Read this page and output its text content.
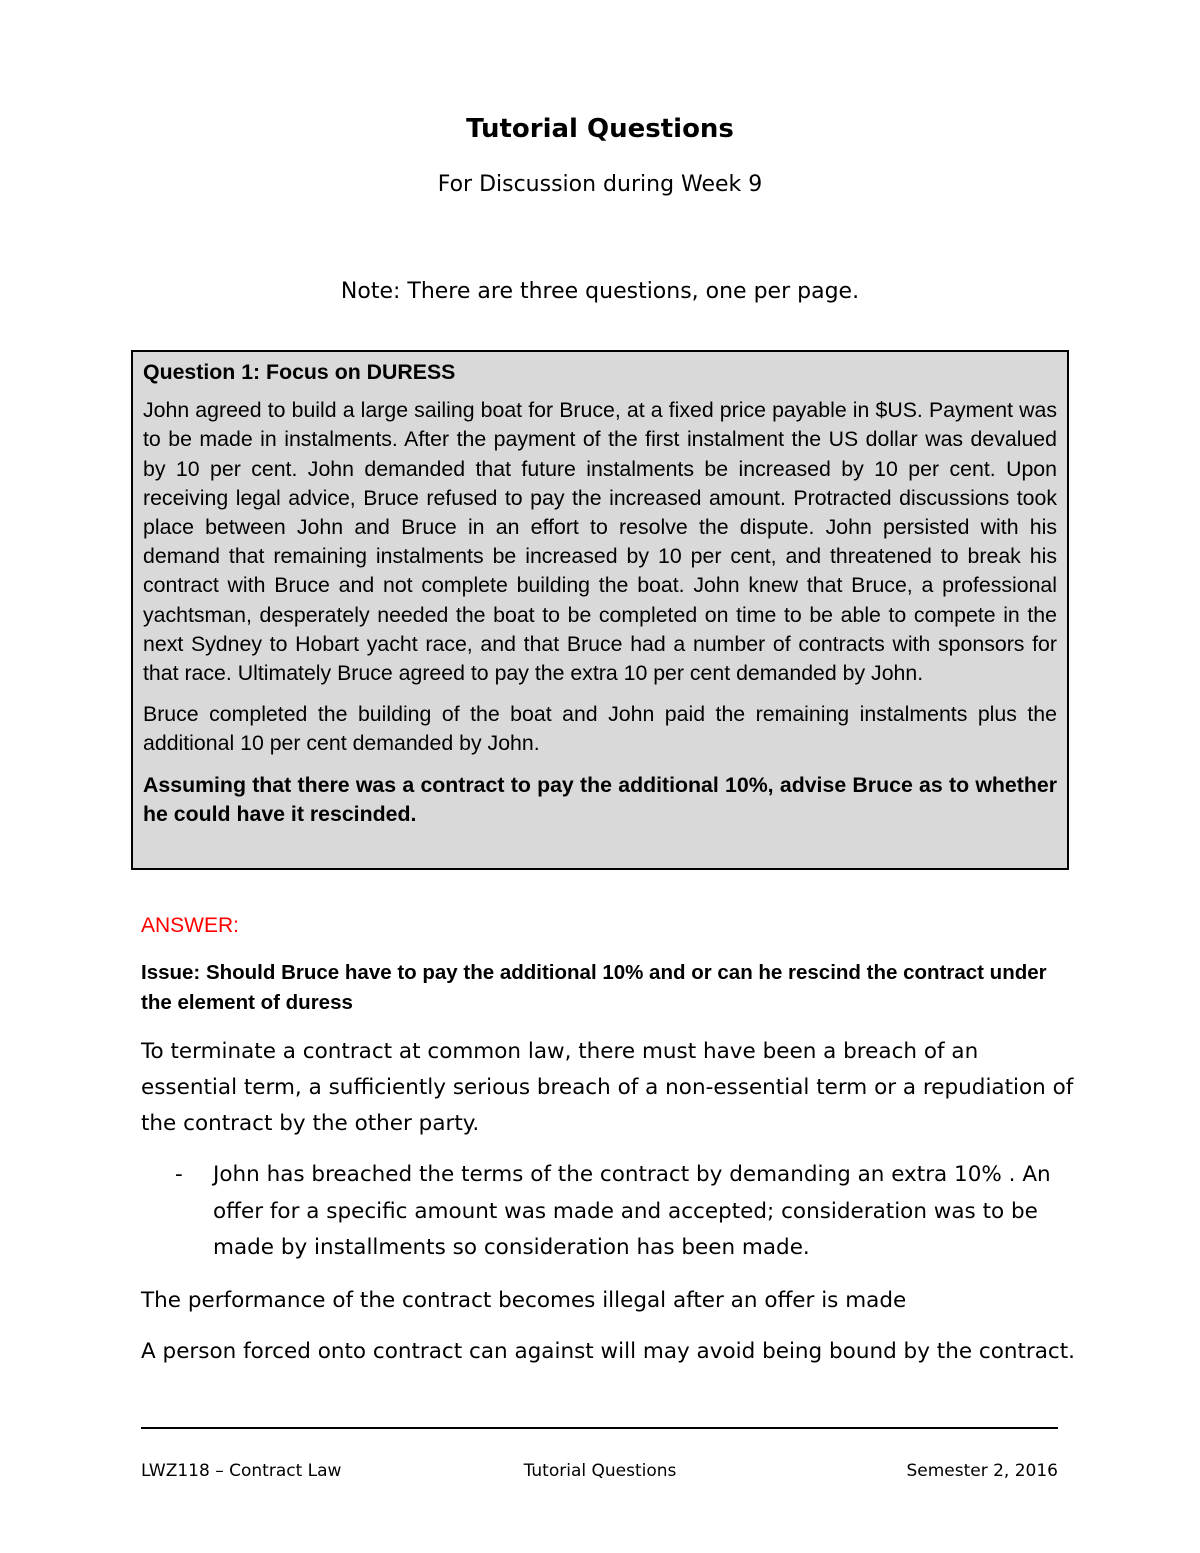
Tutorial Questions
For Discussion during Week 9
Note: There are three questions, one per page.

Question 1: Focus on DURESS

John agreed to build a large sailing boat for Bruce, at a fixed price payable in $US. Payment was to be made in instalments. After the payment of the first instalment the US dollar was devalued by 10 per cent. John demanded that future instalments be increased by 10 per cent. Upon receiving legal advice, Bruce refused to pay the increased amount. Protracted discussions took place between John and Bruce in an effort to resolve the dispute. John persisted with his demand that remaining instalments be increased by 10 per cent, and threatened to break his contract with Bruce and not complete building the boat. John knew that Bruce, a professional yachtsman, desperately needed the boat to be completed on time to be able to compete in the next Sydney to Hobart yacht race, and that Bruce had a number of contracts with sponsors for that race. Ultimately Bruce agreed to pay the extra 10 per cent demanded by John.

Bruce completed the building of the boat and John paid the remaining instalments plus the additional 10 per cent demanded by John.

Assuming that there was a contract to pay the additional 10%, advise Bruce as to whether he could have it rescinded.

ANSWER:
Issue: Should Bruce have to pay the additional 10% and or can he rescind the contract under the element of duress
To terminate a contract at common law, there must have been a breach of an essential term, a sufficiently serious breach of a non-essential term or a repudiation of the contract by the other party.
- John has breached the terms of the contract by demanding an extra 10% . An offer for a specific amount was made and accepted; consideration was to be made by installments so consideration has been made.
The performance of the contract becomes illegal after an offer is made
A person forced onto contract can against will may avoid being bound by the contract.
LWZ118 – Contract Law	Tutorial Questions	Semester 2, 2016
